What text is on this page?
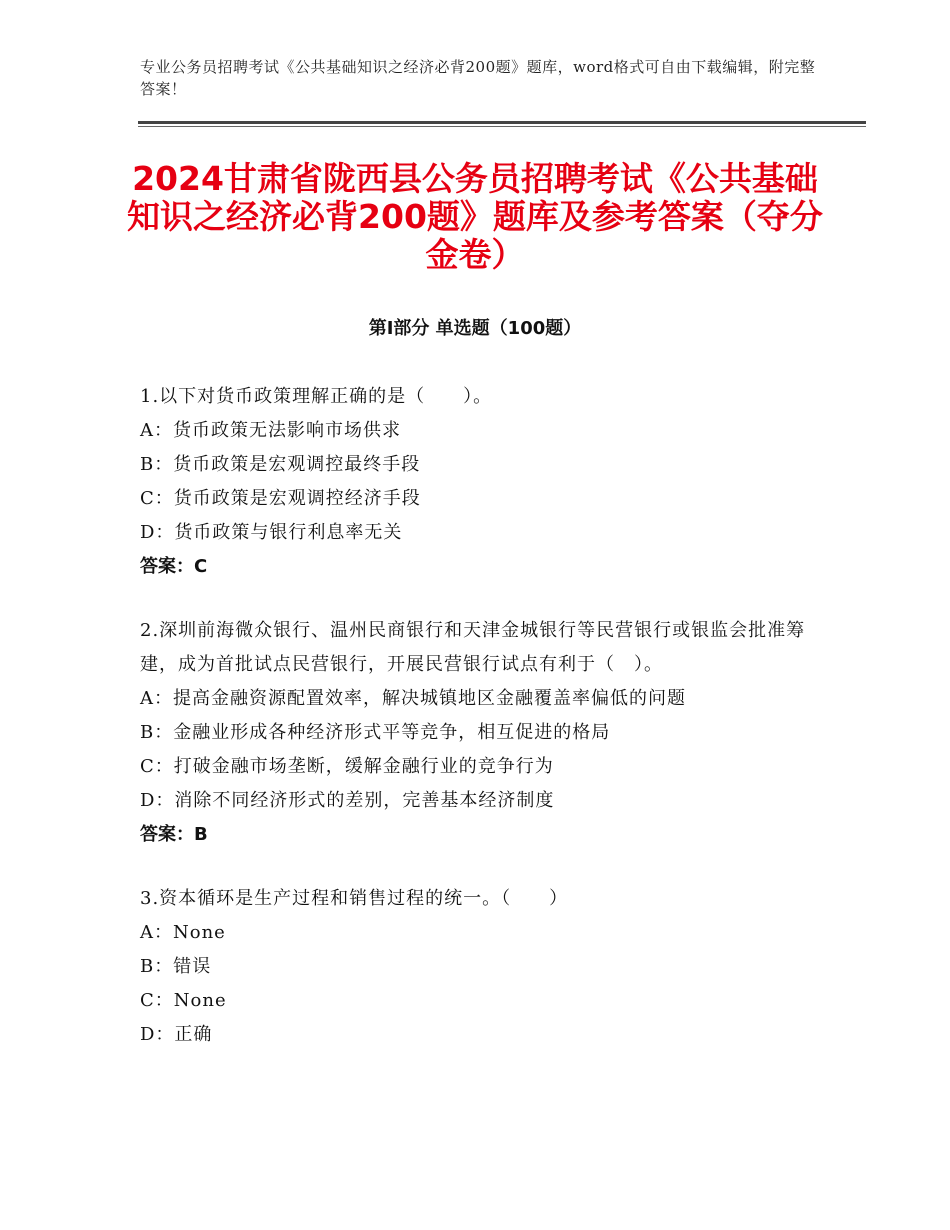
专业公务员招聘考试《公共基础知识之经济必背200题》题库，word格式可自由下载编辑，附完整答案！
2024甘肃省陇西县公务员招聘考试《公共基础知识之经济必背200题》题库及参考答案（夺分金卷）
第Ⅰ部分 单选题（100题）
1.以下对货币政策理解正确的是（　　）。
A：货币政策无法影响市场供求
B：货币政策是宏观调控最终手段
C：货币政策是宏观调控经济手段
D：货币政策与银行利息率无关
答案：C
2.深圳前海微众银行、温州民商银行和天津金城银行等民营银行或银监会批准筹建，成为首批试点民营银行，开展民营银行试点有利于（　）。
A：提高金融资源配置效率，解决城镇地区金融覆盖率偏低的问题
B：金融业形成各种经济形式平等竞争，相互促进的格局
C：打破金融市场垄断，缓解金融行业的竞争行为
D：消除不同经济形式的差别，完善基本经济制度
答案：B
3.资本循环是生产过程和销售过程的统一。（　　）
A：None
B：错误
C：None
D：正确
